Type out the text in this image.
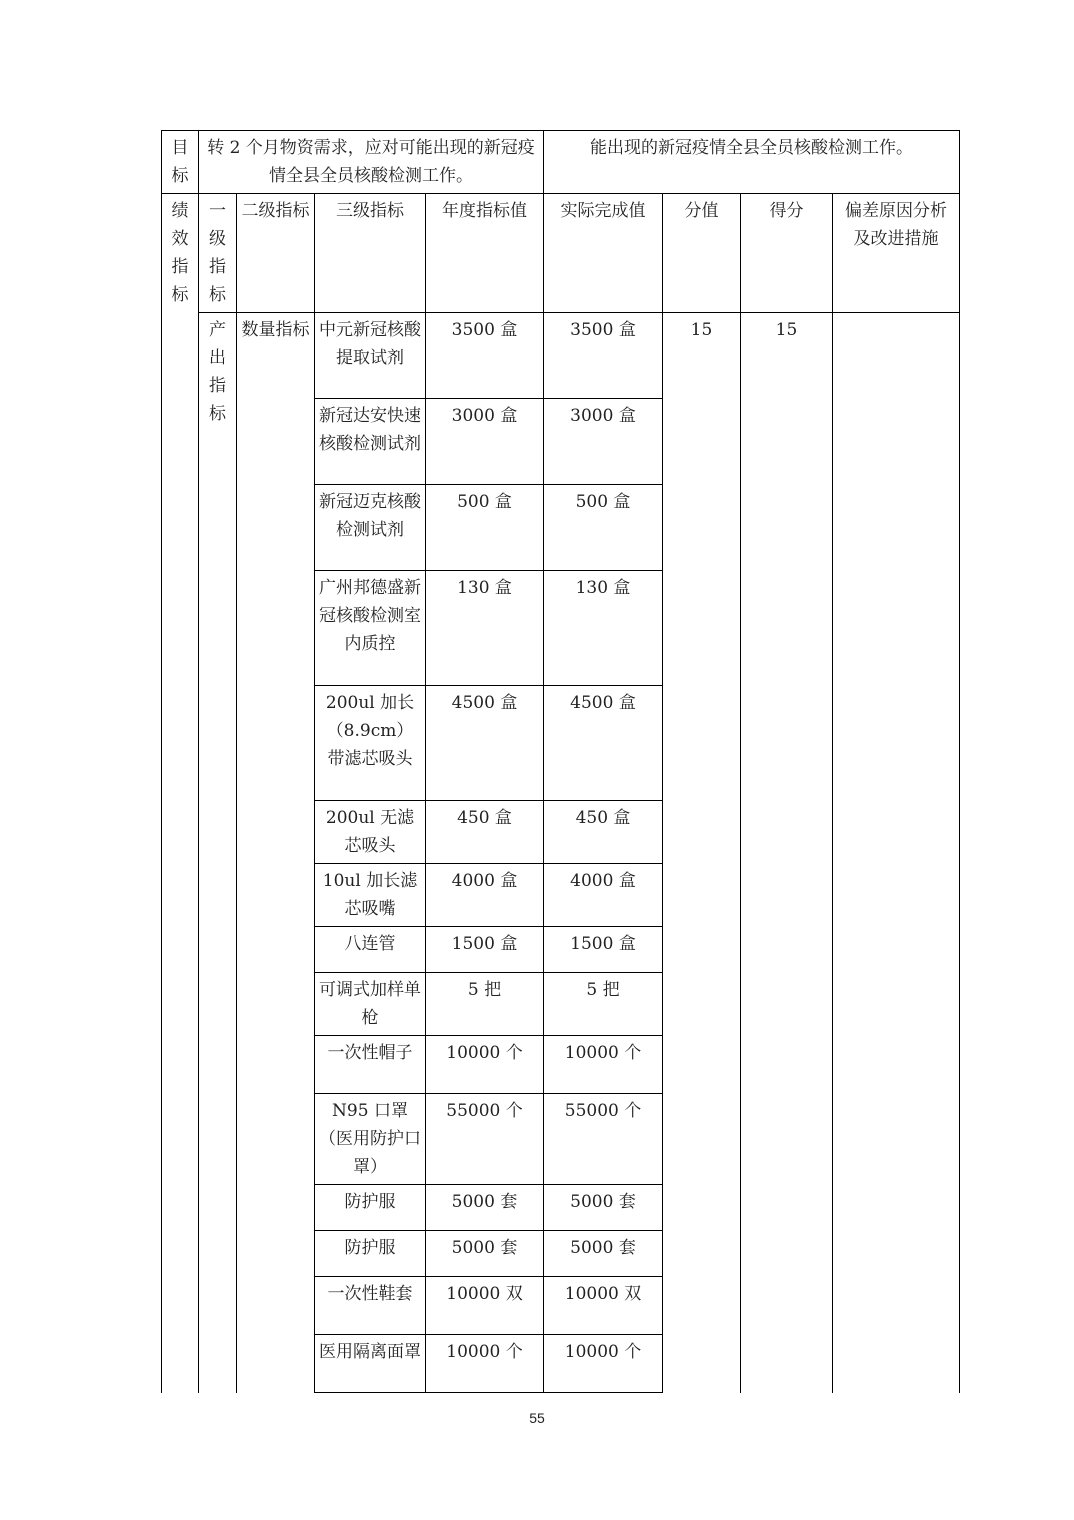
目标	转 2 个月物资需求，应对可能出现的新冠疫情全县全员核酸检测工作。				能出现的新冠疫情全县全员核酸检测工作。			
绩效指标	一级指标	二级指标	三级指标	年度指标值	实际完成值	分值	得分	偏差原因分析及改进措施
	产出指标	数量指标	中元新冠核酸提取试剂	3500 盒	3500 盒	15	15	
			新冠达安快速核酸检测试剂	3000 盒	3000 盒			
			新冠迈克核酸检测试剂	500 盒	500 盒			
			广州邦德盛新冠核酸检测室内质控	130 盒	130 盒			
			200ul 加长（8.9cm）带滤芯吸头	4500 盒	4500 盒			
			200ul 无滤芯吸头	450 盒	450 盒			
			10ul 加长滤芯吸嘴	4000 盒	4000 盒			
			八连管	1500 盒	1500 盒			
			可调式加样单枪	5 把	5 把			
			一次性帽子	10000 个	10000 个			
			N95 口罩（医用防护口罩）	55000 个	55000 个			
			防护服	5000 套	5000 套			
			防护服	5000 套	5000 套			
			一次性鞋套	10000 双	10000 双			
			医用隔离面罩	10000 个	10000 个			
55
